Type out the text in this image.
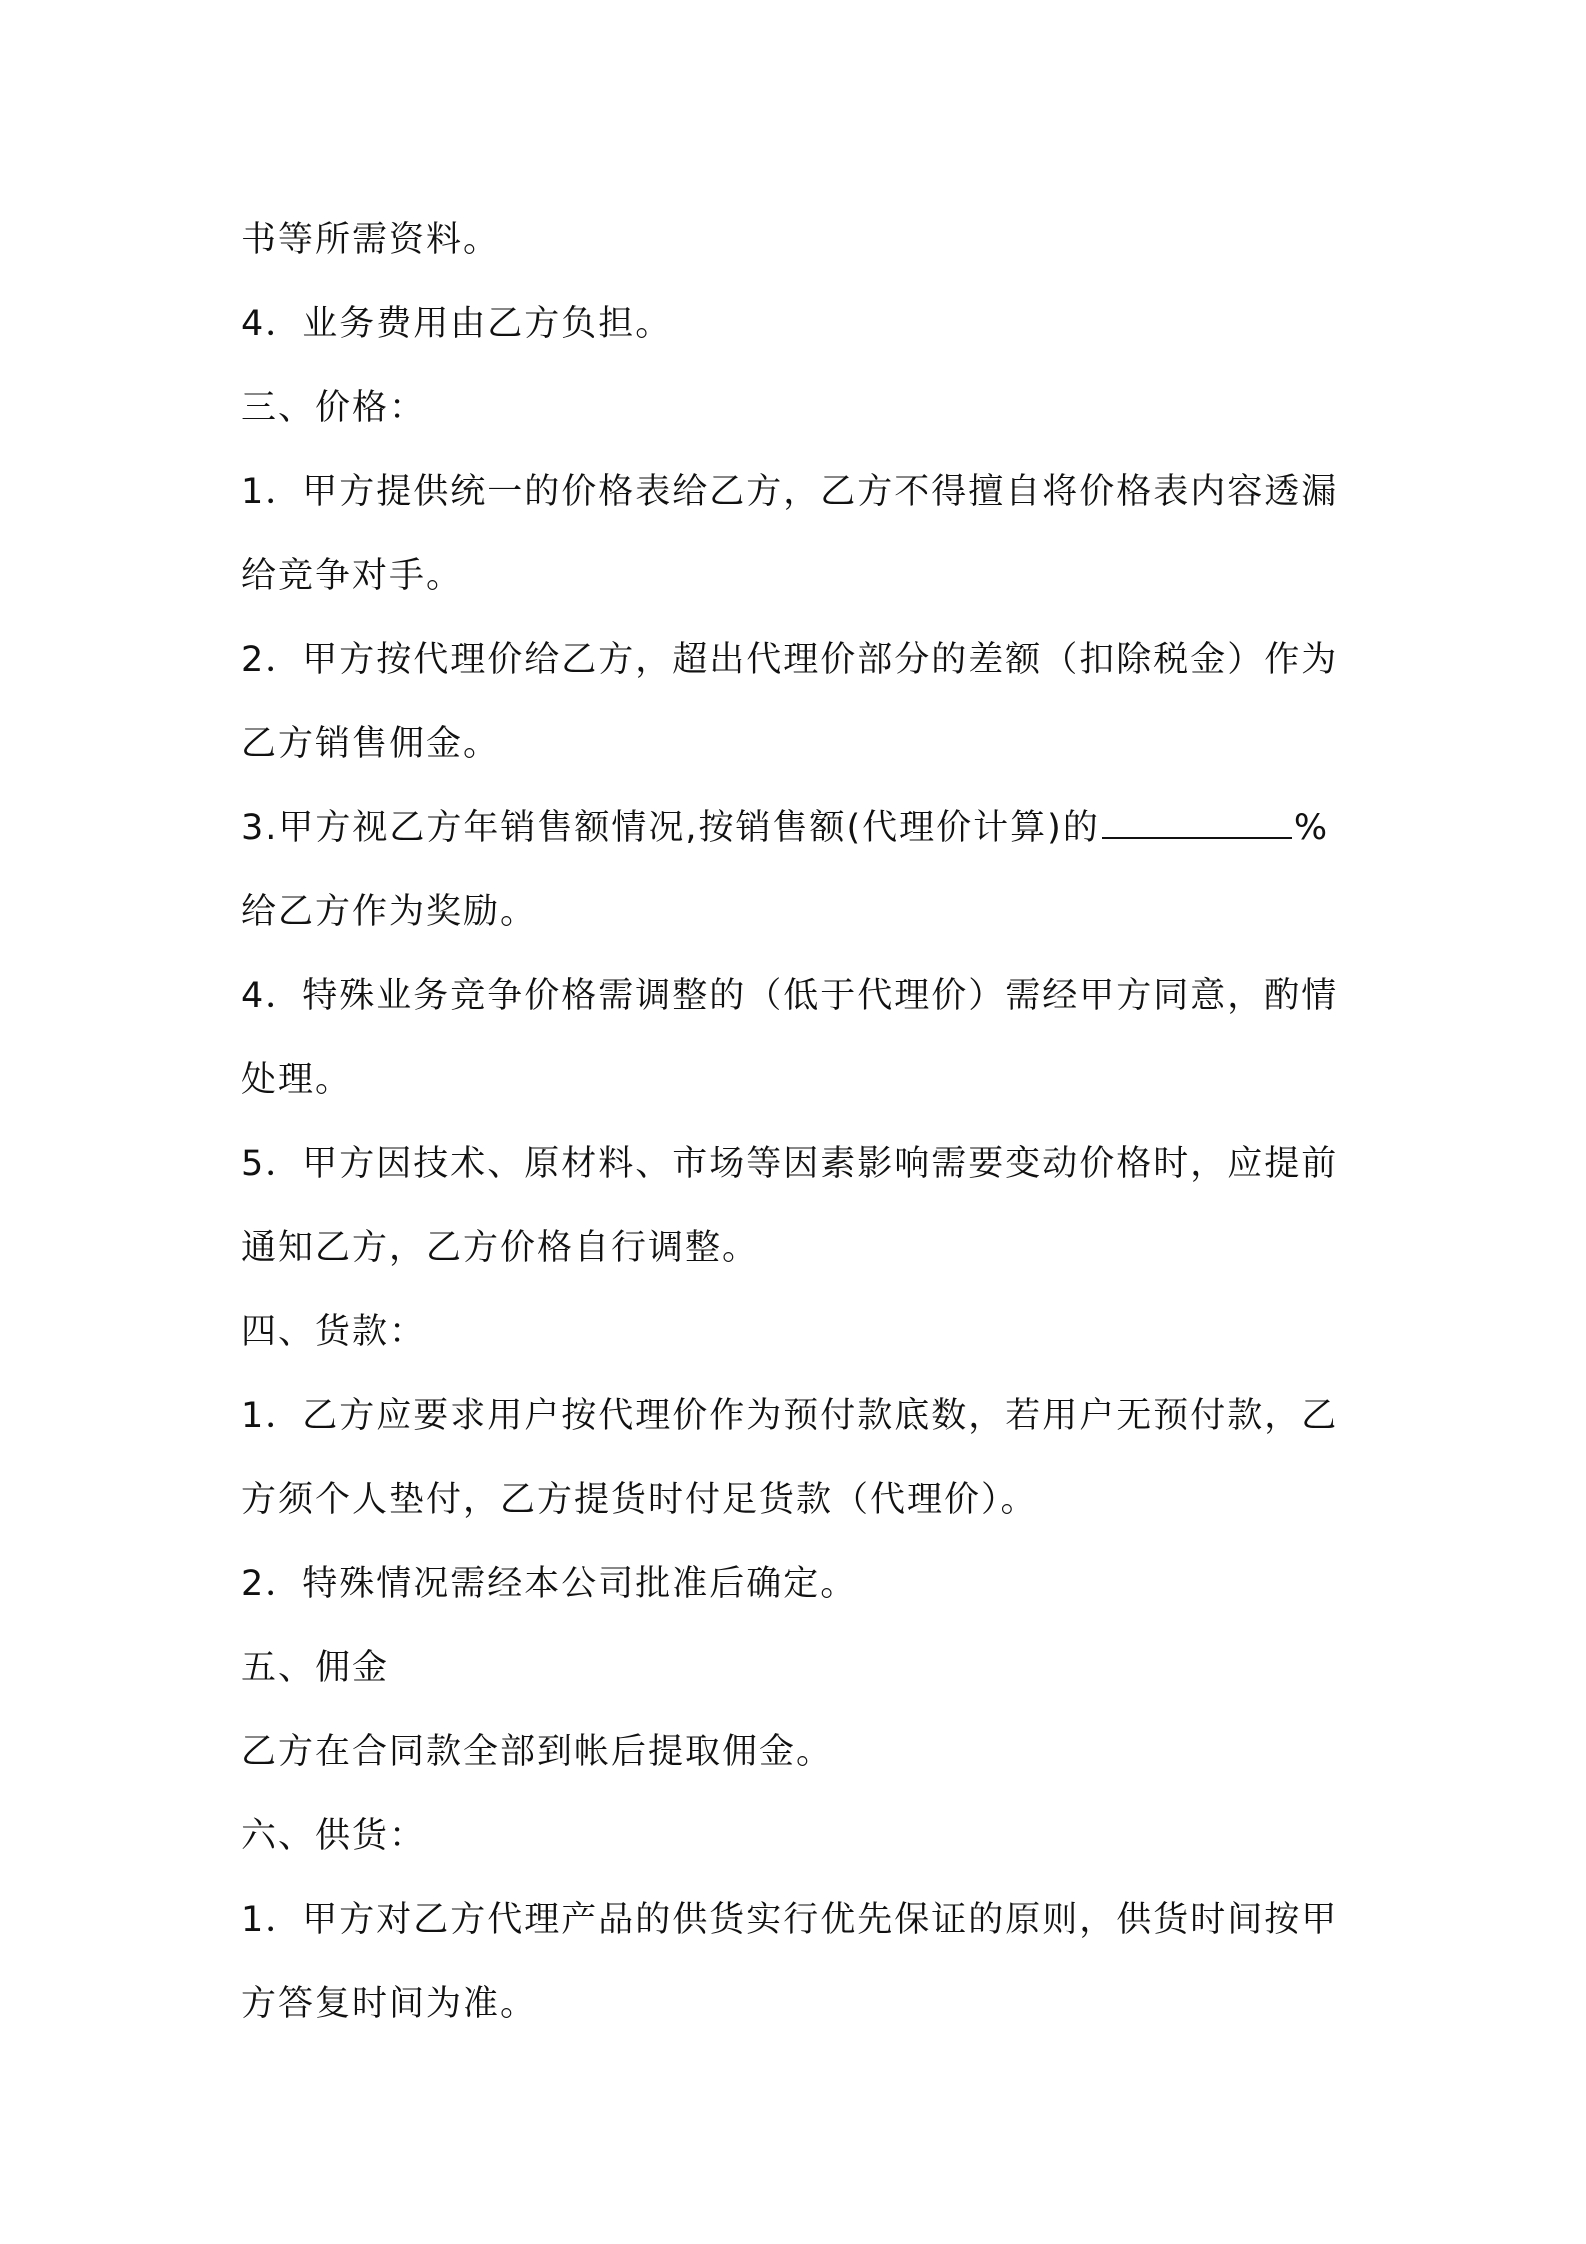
书等所需资料。
4．业务费用由乙方负担。
三、价格：
1．甲方提供统一的价格表给乙方，乙方不得擅自将价格表内容透漏
给竞争对手。
2．甲方按代理价给乙方，超出代理价部分的差额（扣除税金）作为
乙方销售佣金。
3.甲方视乙方年销售额情况,按销售额(代理价计算)的	%
给乙方作为奖励。
4．特殊业务竞争价格需调整的（低于代理价）需经甲方同意，酌情
处理。
5．甲方因技术、原材料、市场等因素影响需要变动价格时，应提前
通知乙方，乙方价格自行调整。
四、货款：
1．乙方应要求用户按代理价作为预付款底数，若用户无预付款，乙
方须个人垫付，乙方提货时付足货款（代理价）。
2．特殊情况需经本公司批准后确定。
五、佣金
乙方在合同款全部到帐后提取佣金。
六、供货：
1．甲方对乙方代理产品的供货实行优先保证的原则，供货时间按甲
方答复时间为准。
